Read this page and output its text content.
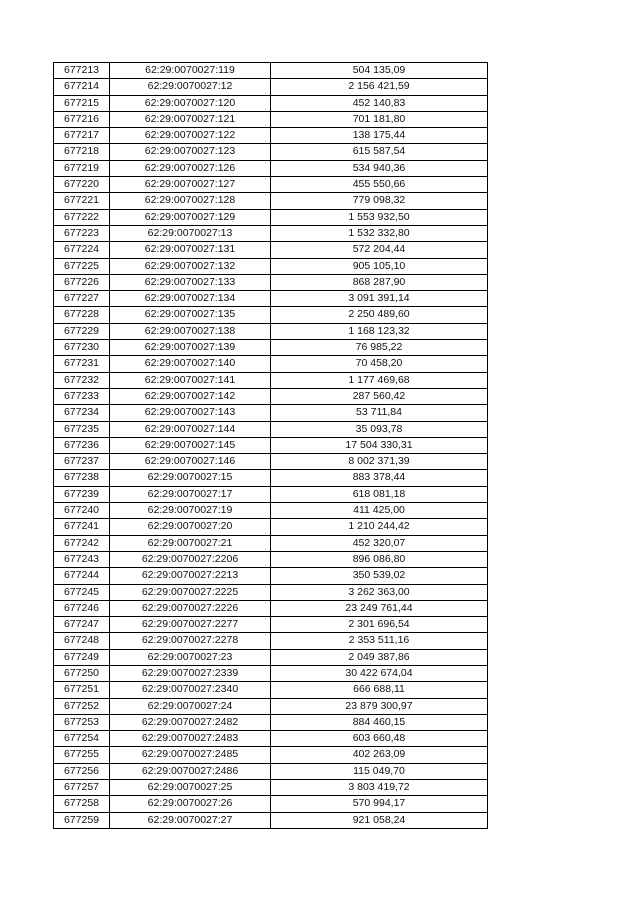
677213	62:29:0070027:119	504 135,09
677214	62:29:0070027:12	2 156 421,59
677215	62:29:0070027:120	452 140,83
677216	62:29:0070027:121	701 181,80
677217	62:29:0070027:122	138 175,44
677218	62:29:0070027:123	615 587,54
677219	62:29:0070027:126	534 940,36
677220	62:29:0070027:127	455 550,66
677221	62:29:0070027:128	779 098,32
677222	62:29:0070027:129	1 553 932,50
677223	62:29:0070027:13	1 532 332,80
677224	62:29:0070027:131	572 204,44
677225	62:29:0070027:132	905 105,10
677226	62:29:0070027:133	868 287,90
677227	62:29:0070027:134	3 091 391,14
677228	62:29:0070027:135	2 250 489,60
677229	62:29:0070027:138	1 168 123,32
677230	62:29:0070027:139	76 985,22
677231	62:29:0070027:140	70 458,20
677232	62:29:0070027:141	1 177 469,68
677233	62:29:0070027:142	287 560,42
677234	62:29:0070027:143	53 711,84
677235	62:29:0070027:144	35 093,78
677236	62:29:0070027:145	17 504 330,31
677237	62:29:0070027:146	8 002 371,39
677238	62:29:0070027:15	883 378,44
677239	62:29:0070027:17	618 081,18
677240	62:29:0070027:19	411 425,00
677241	62:29:0070027:20	1 210 244,42
677242	62:29:0070027:21	452 320,07
677243	62:29:0070027:2206	896 086,80
677244	62:29:0070027:2213	350 539,02
677245	62:29:0070027:2225	3 262 363,00
677246	62:29:0070027:2226	23 249 761,44
677247	62:29:0070027:2277	2 301 696,54
677248	62:29:0070027:2278	2 353 511,16
677249	62:29:0070027:23	2 049 387,86
677250	62:29:0070027:2339	30 422 674,04
677251	62:29:0070027:2340	666 688,11
677252	62:29:0070027:24	23 879 300,97
677253	62:29:0070027:2482	884 460,15
677254	62:29:0070027:2483	603 660,48
677255	62:29:0070027:2485	402 263,09
677256	62:29:0070027:2486	115 049,70
677257	62:29:0070027:25	3 803 419,72
677258	62:29:0070027:26	570 994,17
677259	62:29:0070027:27	921 058,24
